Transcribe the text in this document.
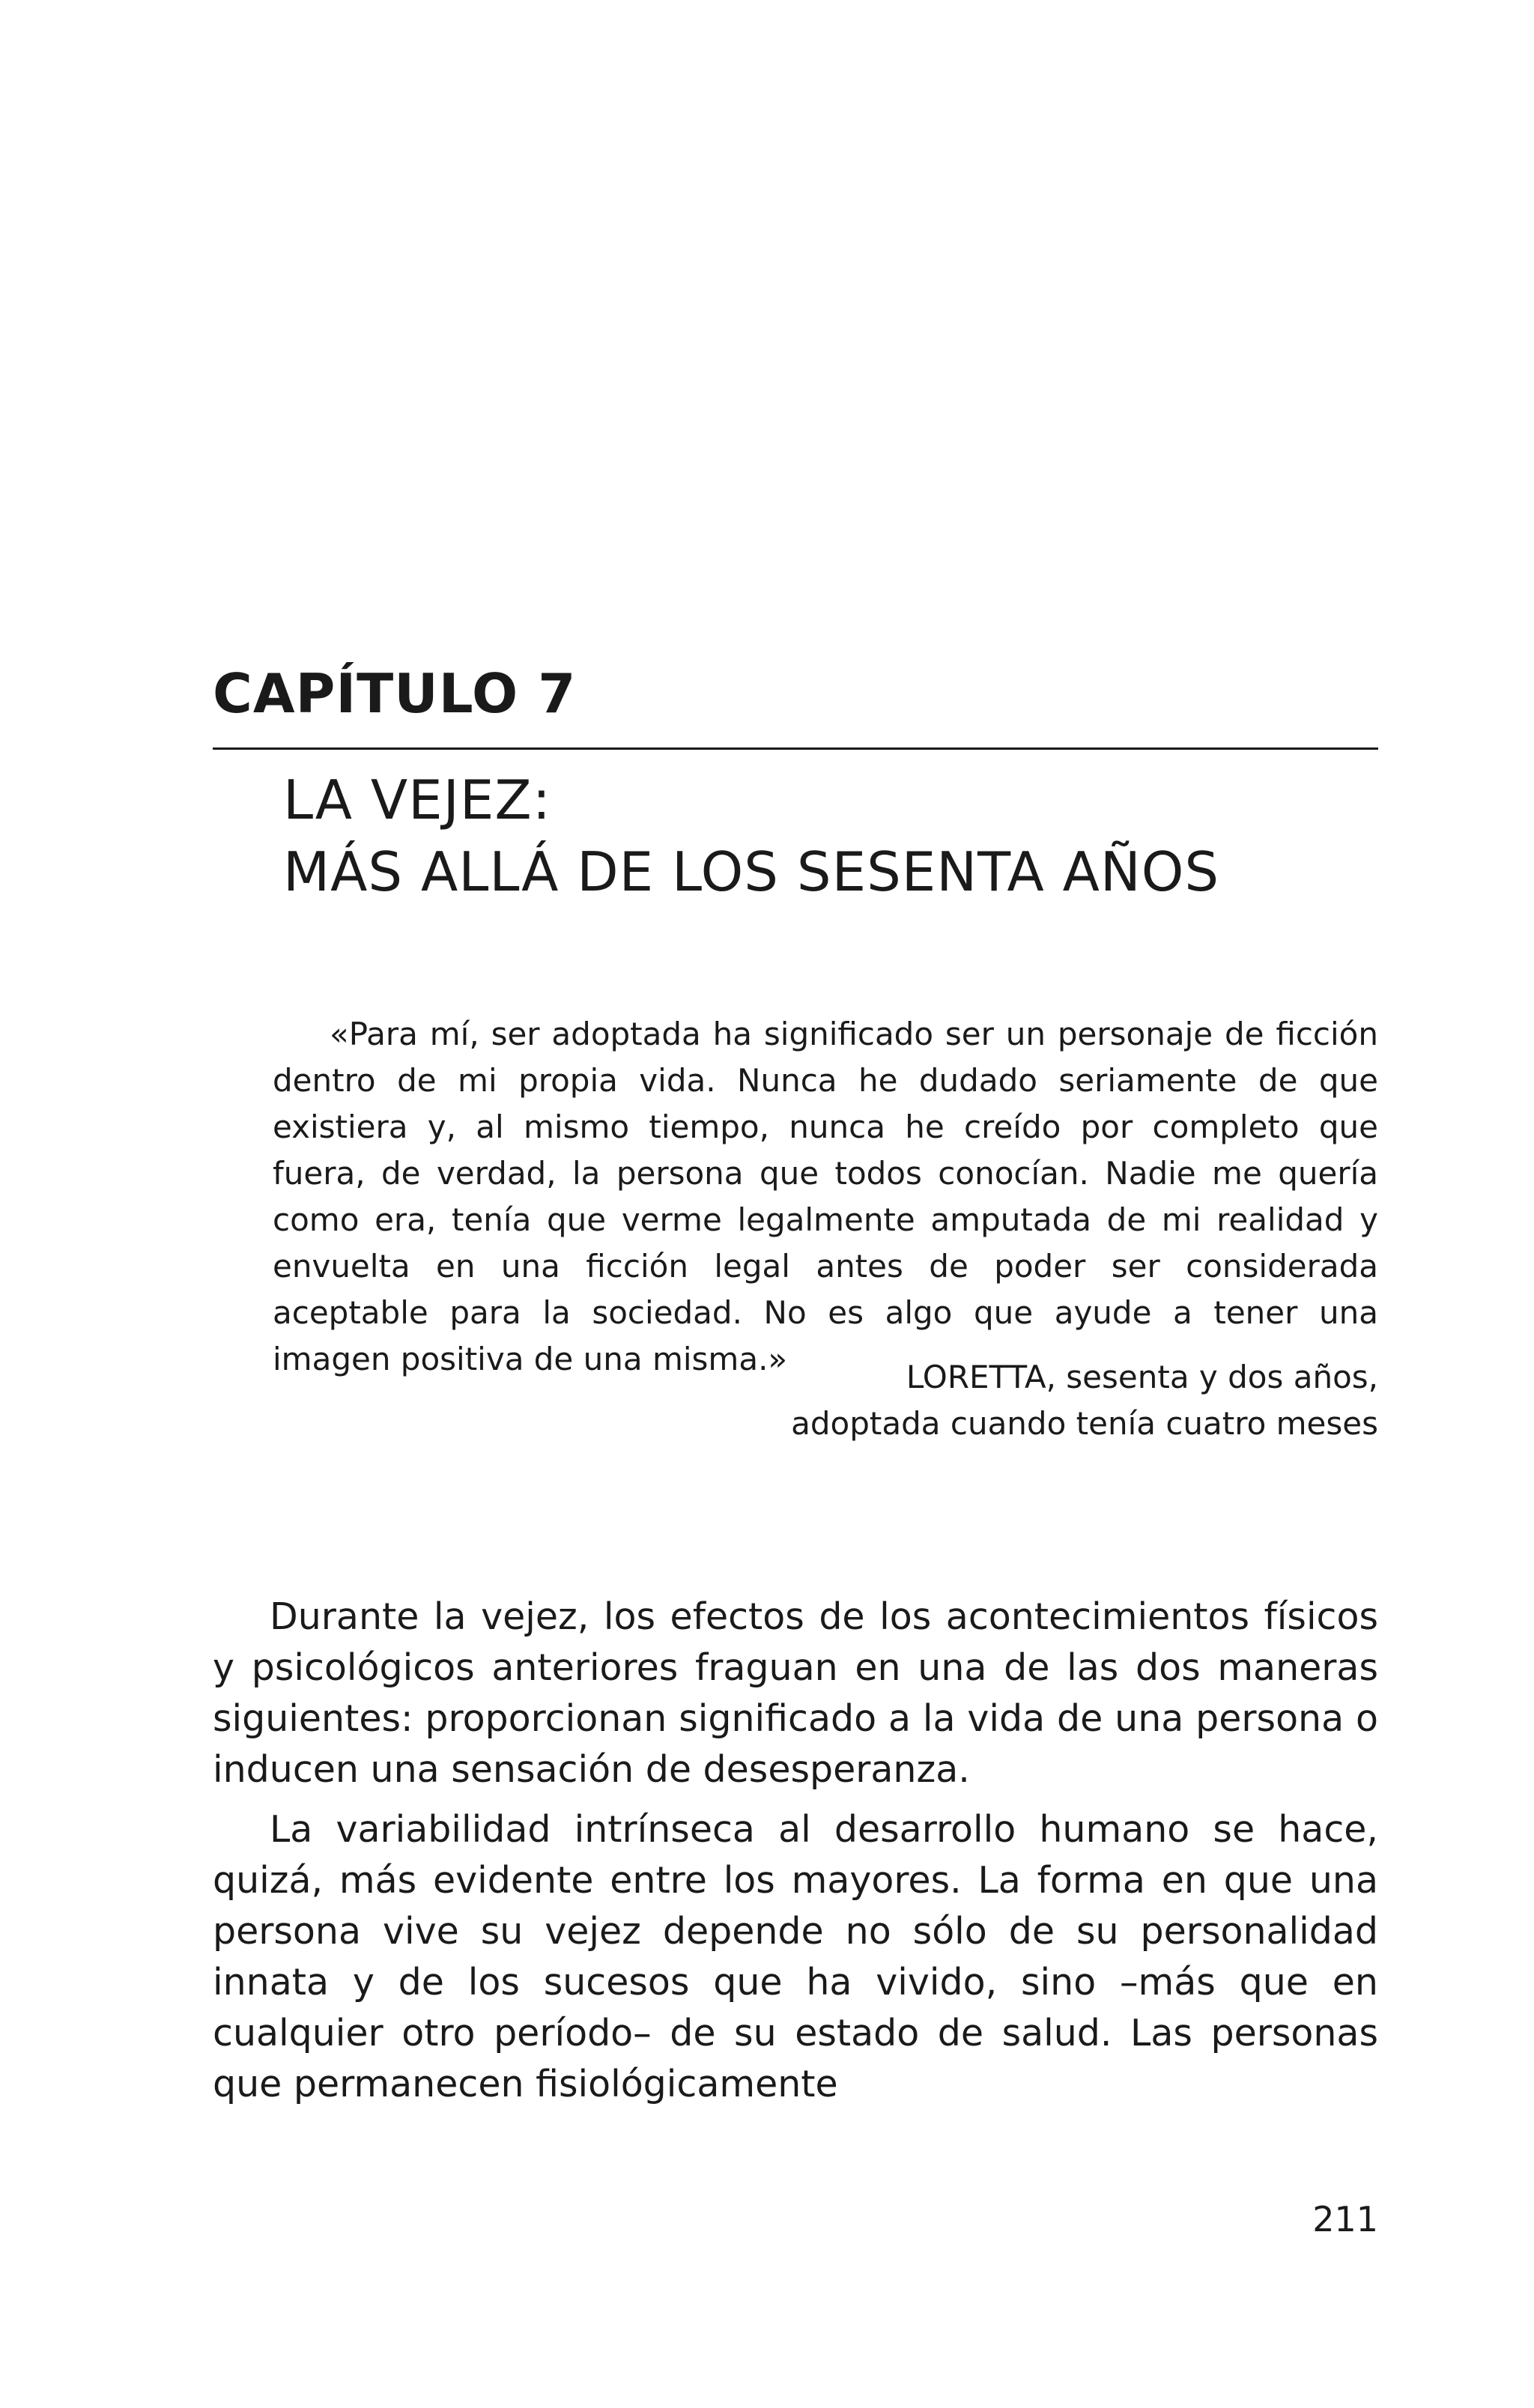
CAPÍTULO 7
LA VEJEZ:
MÁS ALLÁ DE LOS SESENTA AÑOS

«Para mí, ser adoptada ha significado ser un personaje de ficción dentro de mi propia vida. Nunca he dudado seriamente de que existiera y, al mismo tiempo, nunca he creído por completo que fuera, de verdad, la persona que todos conocían. Nadie me quería como era, tenía que verme legalmente amputada de mi realidad y envuelta en una ficción legal antes de poder ser considerada aceptable para la sociedad. No es algo que ayude a tener una imagen positiva de una misma.»	LORETTA, sesenta y dos años,
adoptada cuando tenía cuatro meses

Durante la vejez, los efectos de los acontecimientos físicos y psicológicos anteriores fraguan en una de las dos maneras siguientes: proporcionan significado a la vida de una persona o inducen una sensación de desesperanza.

La variabilidad intrínseca al desarrollo humano se hace, quizá, más evidente entre los mayores. La forma en que una persona vive su vejez depende no sólo de su personalidad innata y de los sucesos que ha vivido, sino –más que en cualquier otro período– de su estado de salud. Las personas que permanecen fisiológicamente

211
